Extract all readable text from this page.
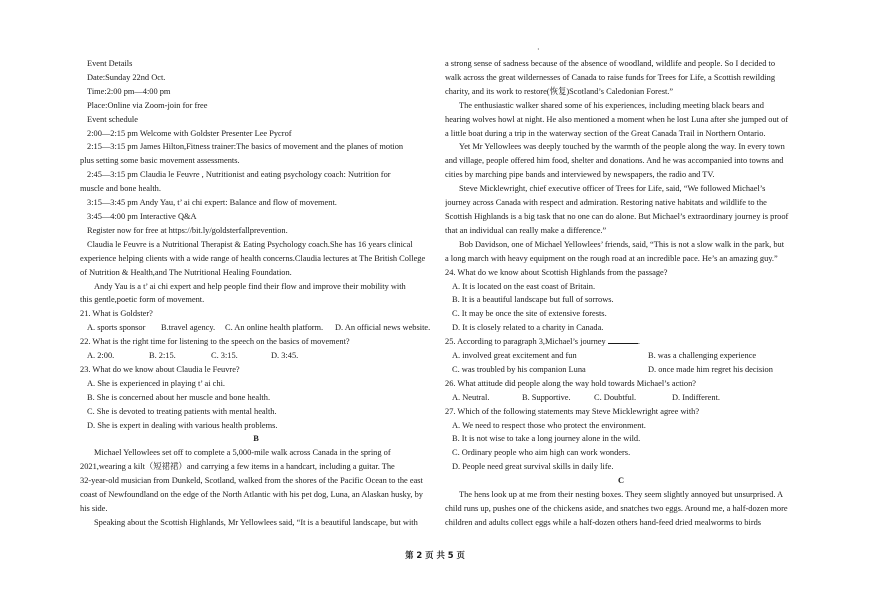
·
Event Details
Date:Sunday 22nd Oct.
Time:2:00 pm—4:00 pm
Place:Online via Zoom-join for free
Event schedule
2:00—2:15 pm Welcome with Goldster Presenter Lee Pycrof
2:15—3:15 pm James Hilton,Fitness trainer:The basics of movement and the planes of motion
plus setting some basic movement assessments.
2:45—3:15 pm Claudia le Feuvre , Nutritionist and eating psychology coach: Nutrition for
muscle and bone health.
3:15—3:45 pm Andy Yau, t’ ai chi expert: Balance and flow of movement.
3:45—4:00 pm Interactive Q&A
Register now for free at https://bit.ly/goldsterfallprevention.
Claudia le Feuvre is a Nutritional Therapist & Eating Psychology coach.She has 16 years clinical
experience helping clients with a wide range of health concerns.Claudia lectures at The British College
of Nutrition & Health,and The Nutritional Healing Foundation.
Andy Yau is a t’ ai chi expert and help people find their flow and improve their mobility with
this gentle,poetic form of movement.
21. What is Goldster?
A. sports sponsor	B.travel agency.	C. An online health platform.	D. An official news website.
22. What is the right time for listening to the speech on the basics of movement?
A. 2:00.	B. 2:15.	C. 3:15.	D. 3:45.
23. What do we know about Claudia le Feuvre?
A. She is experienced in playing t’ ai chi.
B. She is concerned about her muscle and bone health.
C. She is devoted to treating patients with mental health.
D. She is expert in dealing with various health problems.
B
Michael Yellowlees set off to complete a 5,000-mile walk across Canada in the spring of
2021,wearing a kilt（短裙裙）and carrying a few items in a handcart, including a guitar. The
32-year-old musician from Dunkeld, Scotland, walked from the shores of the Pacific Ocean to the east
coast of Newfoundland on the edge of the North Atlantic with his pet dog, Luna, an Alaskan husky, by
his side.
Speaking about the Scottish Highlands, Mr Yellowlees said, “It is a beautiful landscape, but with
a strong sense of sadness because of the absence of woodland, wildlife and people. So I decided to
walk across the great wildernesses of Canada to raise funds for Trees for Life, a Scottish rewilding
charity, and its work to restore(恢复)Scotland’s Caledonian Forest.”
The enthusiastic walker shared some of his experiences, including meeting black bears and
hearing wolves howl at night. He also mentioned a moment when he lost Luna after she jumped out of
a little boat during a trip in the waterway section of the Great Canada Trail in Northern Ontario.
Yet Mr Yellowlees was deeply touched by the warmth of the people along the way. In every town
and village, people offered him food, shelter and donations. And he was accompanied into towns and
cities by marching pipe bands and interviewed by newspapers, the radio and TV.
Steve Micklewright, chief executive officer of Trees for Life, said, “We followed Michael’s
journey across Canada with respect and admiration. Restoring native habitats and wildlife to the
Scottish Highlands is a big task that no one can do alone. But Michael’s extraordinary journey is proof
that an individual can really make a difference.”
Bob Davidson, one of Michael Yellowlees’ friends, said, “This is not a slow walk in the park, but
a long march with heavy equipment on the rough road at an incredible pace. He’s an amazing guy.”
24. What do we know about Scottish Highlands from the passage?
A. It is located on the east coast of Britain.
B. It is a beautiful landscape but full of sorrows.
C. It may be once the site of extensive forests.
D. It is closely related to a charity in Canada.
25. According to paragraph 3,Michael’s journey	.
A. involved great excitement and fun	B. was a challenging experience
C. was troubled by his companion Luna	D. once made him regret his decision
26. What attitude did people along the way hold towards Michael’s action?
A. Neutral.	B. Supportive.	C. Doubtful.	D. Indifferent.
27. Which of the following statements may Steve Micklewright agree with?
A. We need to respect those who protect the environment.
B. It is not wise to take a long journey alone in the wild.
C. Ordinary people who aim high can work wonders.
D. People need great survival skills in daily life.
C
The hens look up at me from their nesting boxes. They seem slightly annoyed but unsurprised. A
child runs up, pushes one of the chickens aside, and snatches two eggs. Around me, a half-dozen more
children and adults collect eggs while a half-dozen others hand-feed dried mealworms to birds
第 2 页 共 5 页
